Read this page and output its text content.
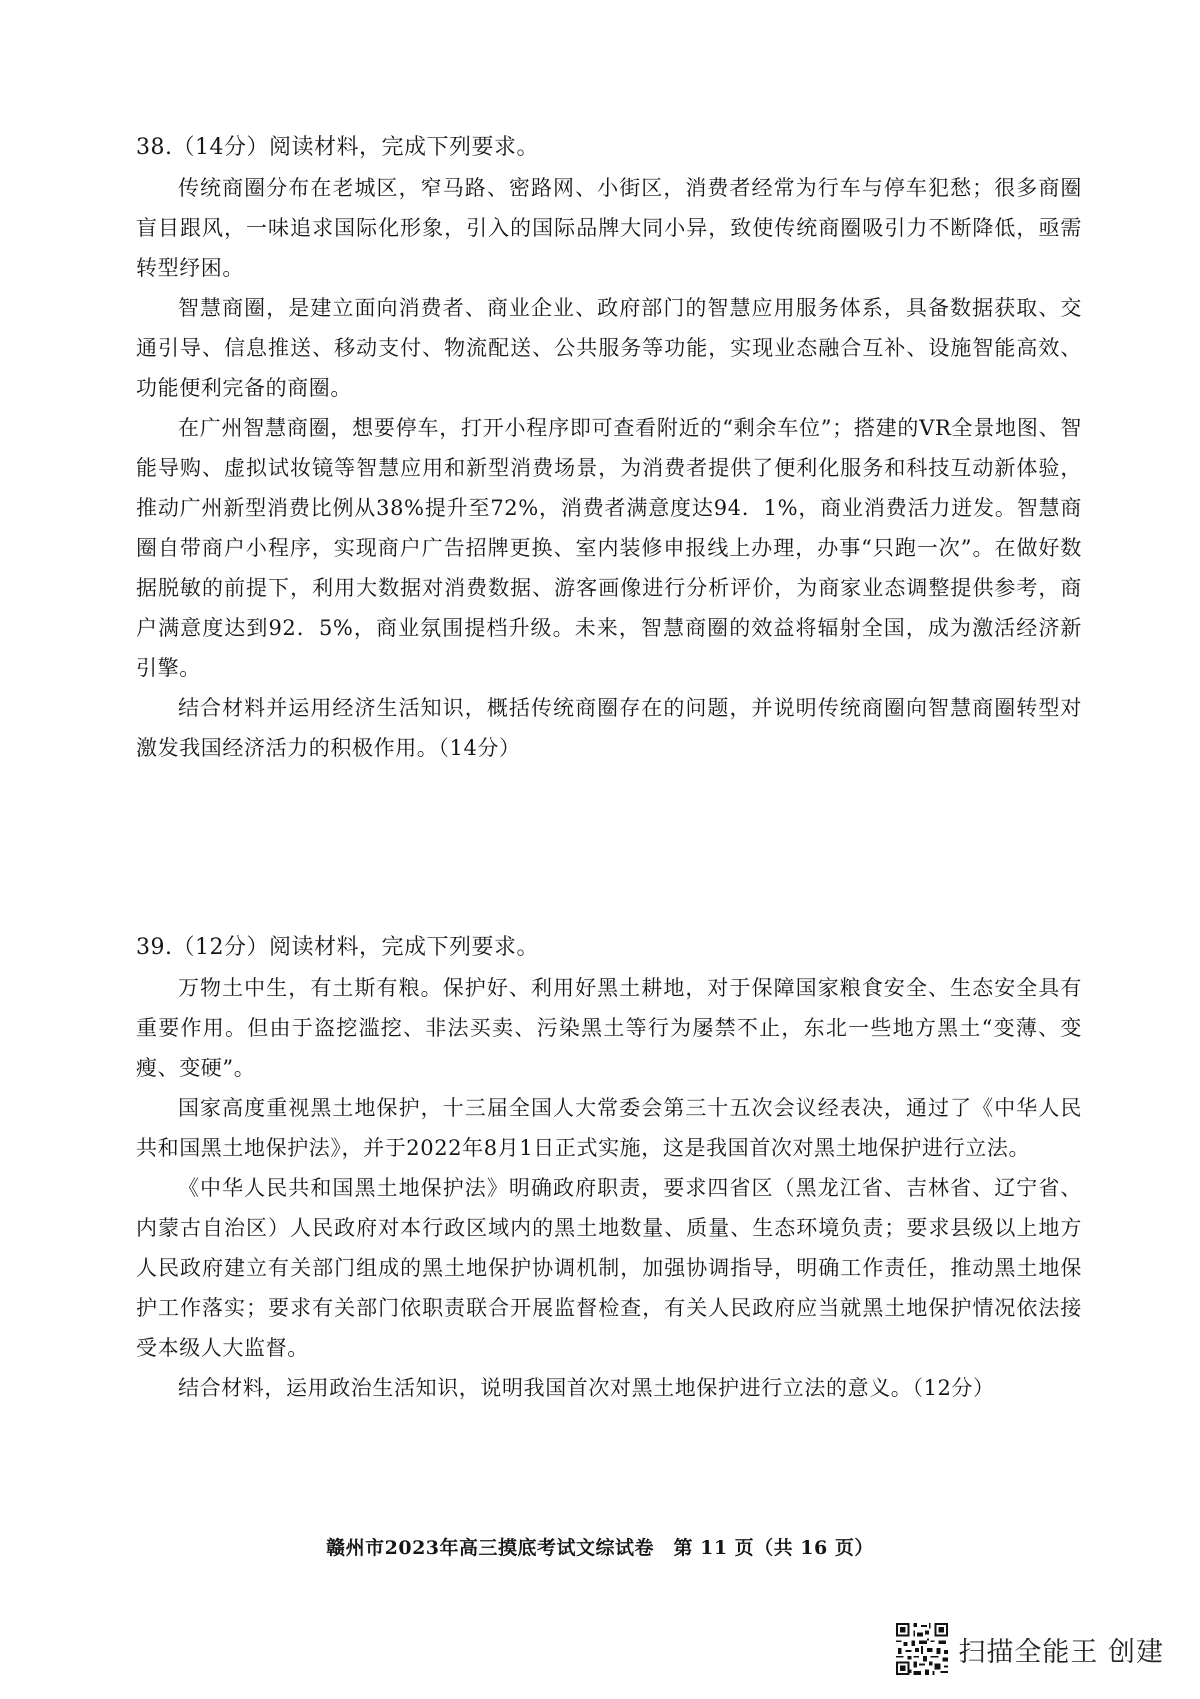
38.（14分）阅读材料，完成下列要求。

传统商圈分布在老城区，窄马路、密路网、小街区，消费者经常为行车与停车犯愁；很多商圈盲目跟风，一味追求国际化形象，引入的国际品牌大同小异，致使传统商圈吸引力不断降低，亟需转型纾困。

智慧商圈，是建立面向消费者、商业企业、政府部门的智慧应用服务体系，具备数据获取、交通引导、信息推送、移动支付、物流配送、公共服务等功能，实现业态融合互补、设施智能高效、功能便利完备的商圈。

在广州智慧商圈，想要停车，打开小程序即可查看附近的“剩余车位”；搭建的VR全景地图、智能导购、虚拟试妆镜等智慧应用和新型消费场景，为消费者提供了便利化服务和科技互动新体验，推动广州新型消费比例从38%提升至72%，消费者满意度达94．1%，商业消费活力迸发。智慧商圈自带商户小程序，实现商户广告招牌更换、室内装修申报线上办理，办事“只跑一次”。在做好数据脱敏的前提下，利用大数据对消费数据、游客画像进行分析评价，为商家业态调整提供参考，商户满意度达到92．5%，商业氛围提档升级。未来，智慧商圈的效益将辐射全国，成为激活经济新引擎。

结合材料并运用经济生活知识，概括传统商圈存在的问题，并说明传统商圈向智慧商圈转型对激发我国经济活力的积极作用。（14分）

39.（12分）阅读材料，完成下列要求。

万物土中生，有土斯有粮。保护好、利用好黑土耕地，对于保障国家粮食安全、生态安全具有重要作用。但由于盗挖滥挖、非法买卖、污染黑土等行为屡禁不止，东北一些地方黑土“变薄、变瘦、变硬”。

国家高度重视黑土地保护，十三届全国人大常委会第三十五次会议经表决，通过了《中华人民共和国黑土地保护法》，并于2022年8月1日正式实施，这是我国首次对黑土地保护进行立法。

《中华人民共和国黑土地保护法》明确政府职责，要求四省区（黑龙江省、吉林省、辽宁省、内蒙古自治区）人民政府对本行政区域内的黑土地数量、质量、生态环境负责；要求县级以上地方人民政府建立有关部门组成的黑土地保护协调机制，加强协调指导，明确工作责任，推动黑土地保护工作落实；要求有关部门依职责联合开展监督检查，有关人民政府应当就黑土地保护情况依法接受本级人大监督。

结合材料，运用政治生活知识，说明我国首次对黑土地保护进行立法的意义。（12分）

赣州市2023年高三摸底考试文综试卷　第 11 页（共 16 页）
扫描全能王 创建
